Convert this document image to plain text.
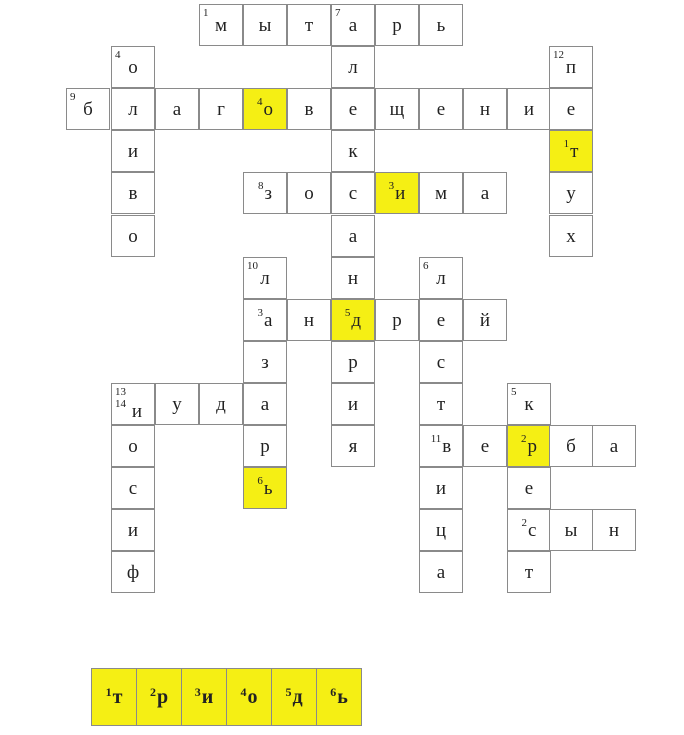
1
м ы т
7
а р ь
4
о	л
12
п
9
б л а г	4 о в е щ е н и е
и	к	1 т
в	8 з о с	3 и м а	у
о	а	х
10
л	н
6
л
3 а н	5 д р е й
з	р	с
13
14 и у д а	и	т
5
к
о	р	я	11 в е	2 р б а
с	6 ь	и	е
и	ц	2 с ы н
ф	а	т
1 т 2 р 3 и 4 о 5 д 6 ь
